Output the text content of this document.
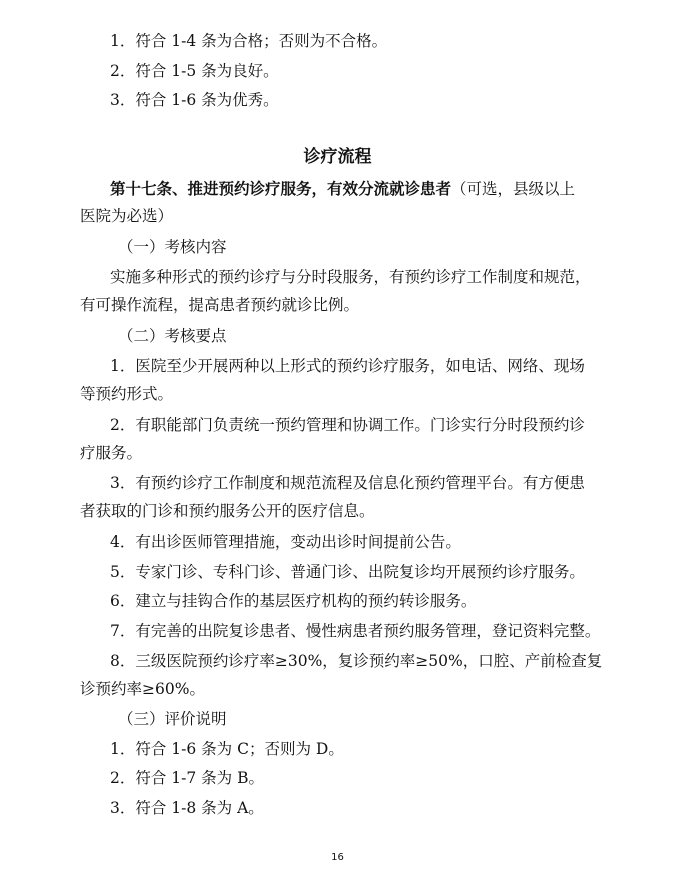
1．符合 1-4 条为合格；否则为不合格。
2．符合 1-5 条为良好。
3．符合 1-6 条为优秀。
诊疗流程
第十七条、推进预约诊疗服务，有效分流就诊患者（可选，县级以上
医院为必选）
（一）考核内容
实施多种形式的预约诊疗与分时段服务，有预约诊疗工作制度和规范，
有可操作流程，提高患者预约就诊比例。
（二）考核要点
1．医院至少开展两种以上形式的预约诊疗服务，如电话、网络、现场
等预约形式。
2．有职能部门负责统一预约管理和协调工作。门诊实行分时段预约诊
疗服务。
3．有预约诊疗工作制度和规范流程及信息化预约管理平台。有方便患
者获取的门诊和预约服务公开的医疗信息。
4．有出诊医师管理措施，变动出诊时间提前公告。
5．专家门诊、专科门诊、普通门诊、出院复诊均开展预约诊疗服务。
6．建立与挂钩合作的基层医疗机构的预约转诊服务。
7．有完善的出院复诊患者、慢性病患者预约服务管理，登记资料完整。
8．三级医院预约诊疗率≥30%，复诊预约率≥50%，口腔、产前检查复
诊预约率≥60%。
（三）评价说明
1．符合 1-6 条为 C；否则为 D。
2．符合 1-7 条为 B。
3．符合 1-8 条为 A。
16
